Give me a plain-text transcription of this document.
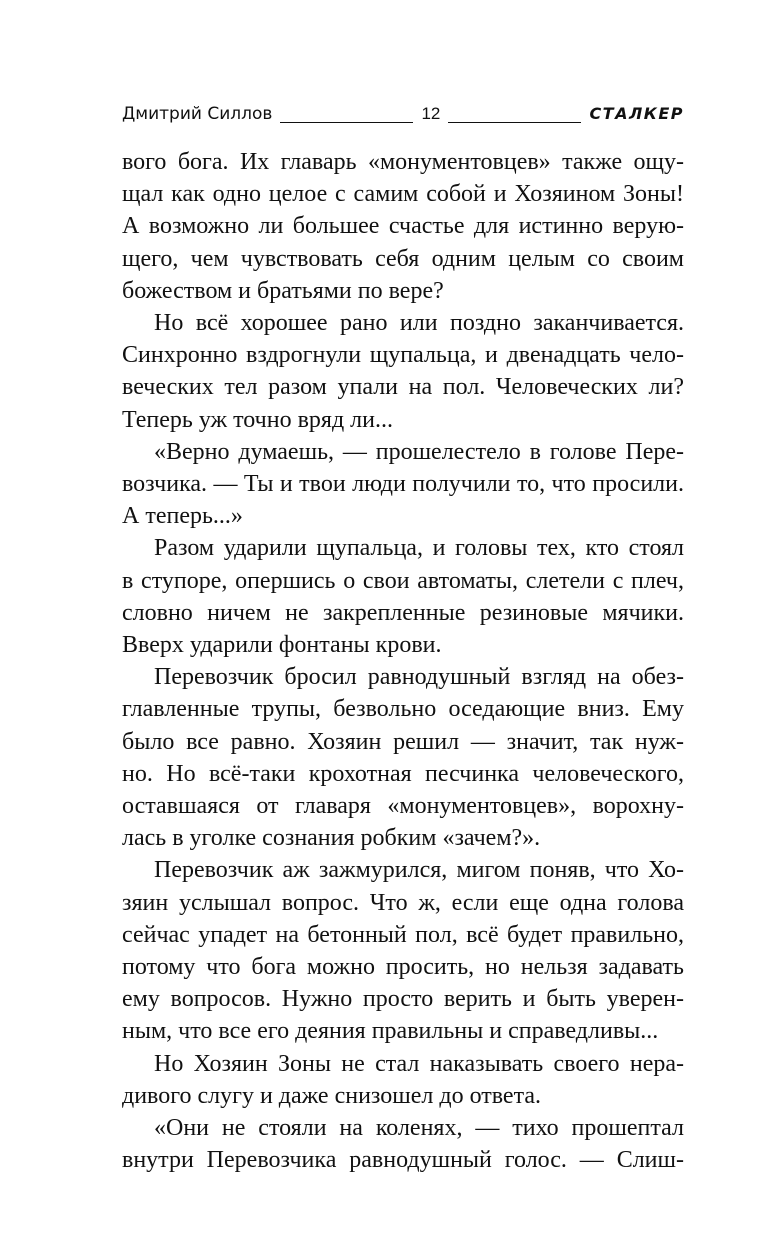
Дмитрий Силлов	12	СТАЛКЕР
вого бога. Их главарь «монументовцев» также ощу-
щал как одно целое с самим собой и Хозяином Зоны!
А возможно ли большее счастье для истинно верую-
щего, чем чувствовать себя одним целым со своим
божеством и братьями по вере?
Но всё хорошее рано или поздно заканчивается.
Синхронно вздрогнули щупальца, и двенадцать чело-
веческих тел разом упали на пол. Человеческих ли?
Теперь уж точно вряд ли...
«Верно думаешь, — прошелестело в голове Пере-
возчика. — Ты и твои люди получили то, что просили.
А теперь...»
Разом ударили щупальца, и головы тех, кто стоял
в ступоре, опершись о свои автоматы, слетели с плеч,
словно ничем не закрепленные резиновые мячики.
Вверх ударили фонтаны крови.
Перевозчик бросил равнодушный взгляд на обез-
главленные трупы, безвольно оседающие вниз. Ему
было все равно. Хозяин решил — значит, так нуж-
но. Но всё-таки крохотная песчинка человеческого,
оставшаяся от главаря «монументовцев», ворохну-
лась в уголке сознания робким «зачем?».
Перевозчик аж зажмурился, мигом поняв, что Хо-
зяин услышал вопрос. Что ж, если еще одна голова
сейчас упадет на бетонный пол, всё будет правильно,
потому что бога можно просить, но нельзя задавать
ему вопросов. Нужно просто верить и быть уверен-
ным, что все его деяния правильны и справедливы...
Но Хозяин Зоны не стал наказывать своего нера-
дивого слугу и даже снизошел до ответа.
«Они не стояли на коленях, — тихо прошептал
внутри Перевозчика равнодушный голос. — Слиш-
